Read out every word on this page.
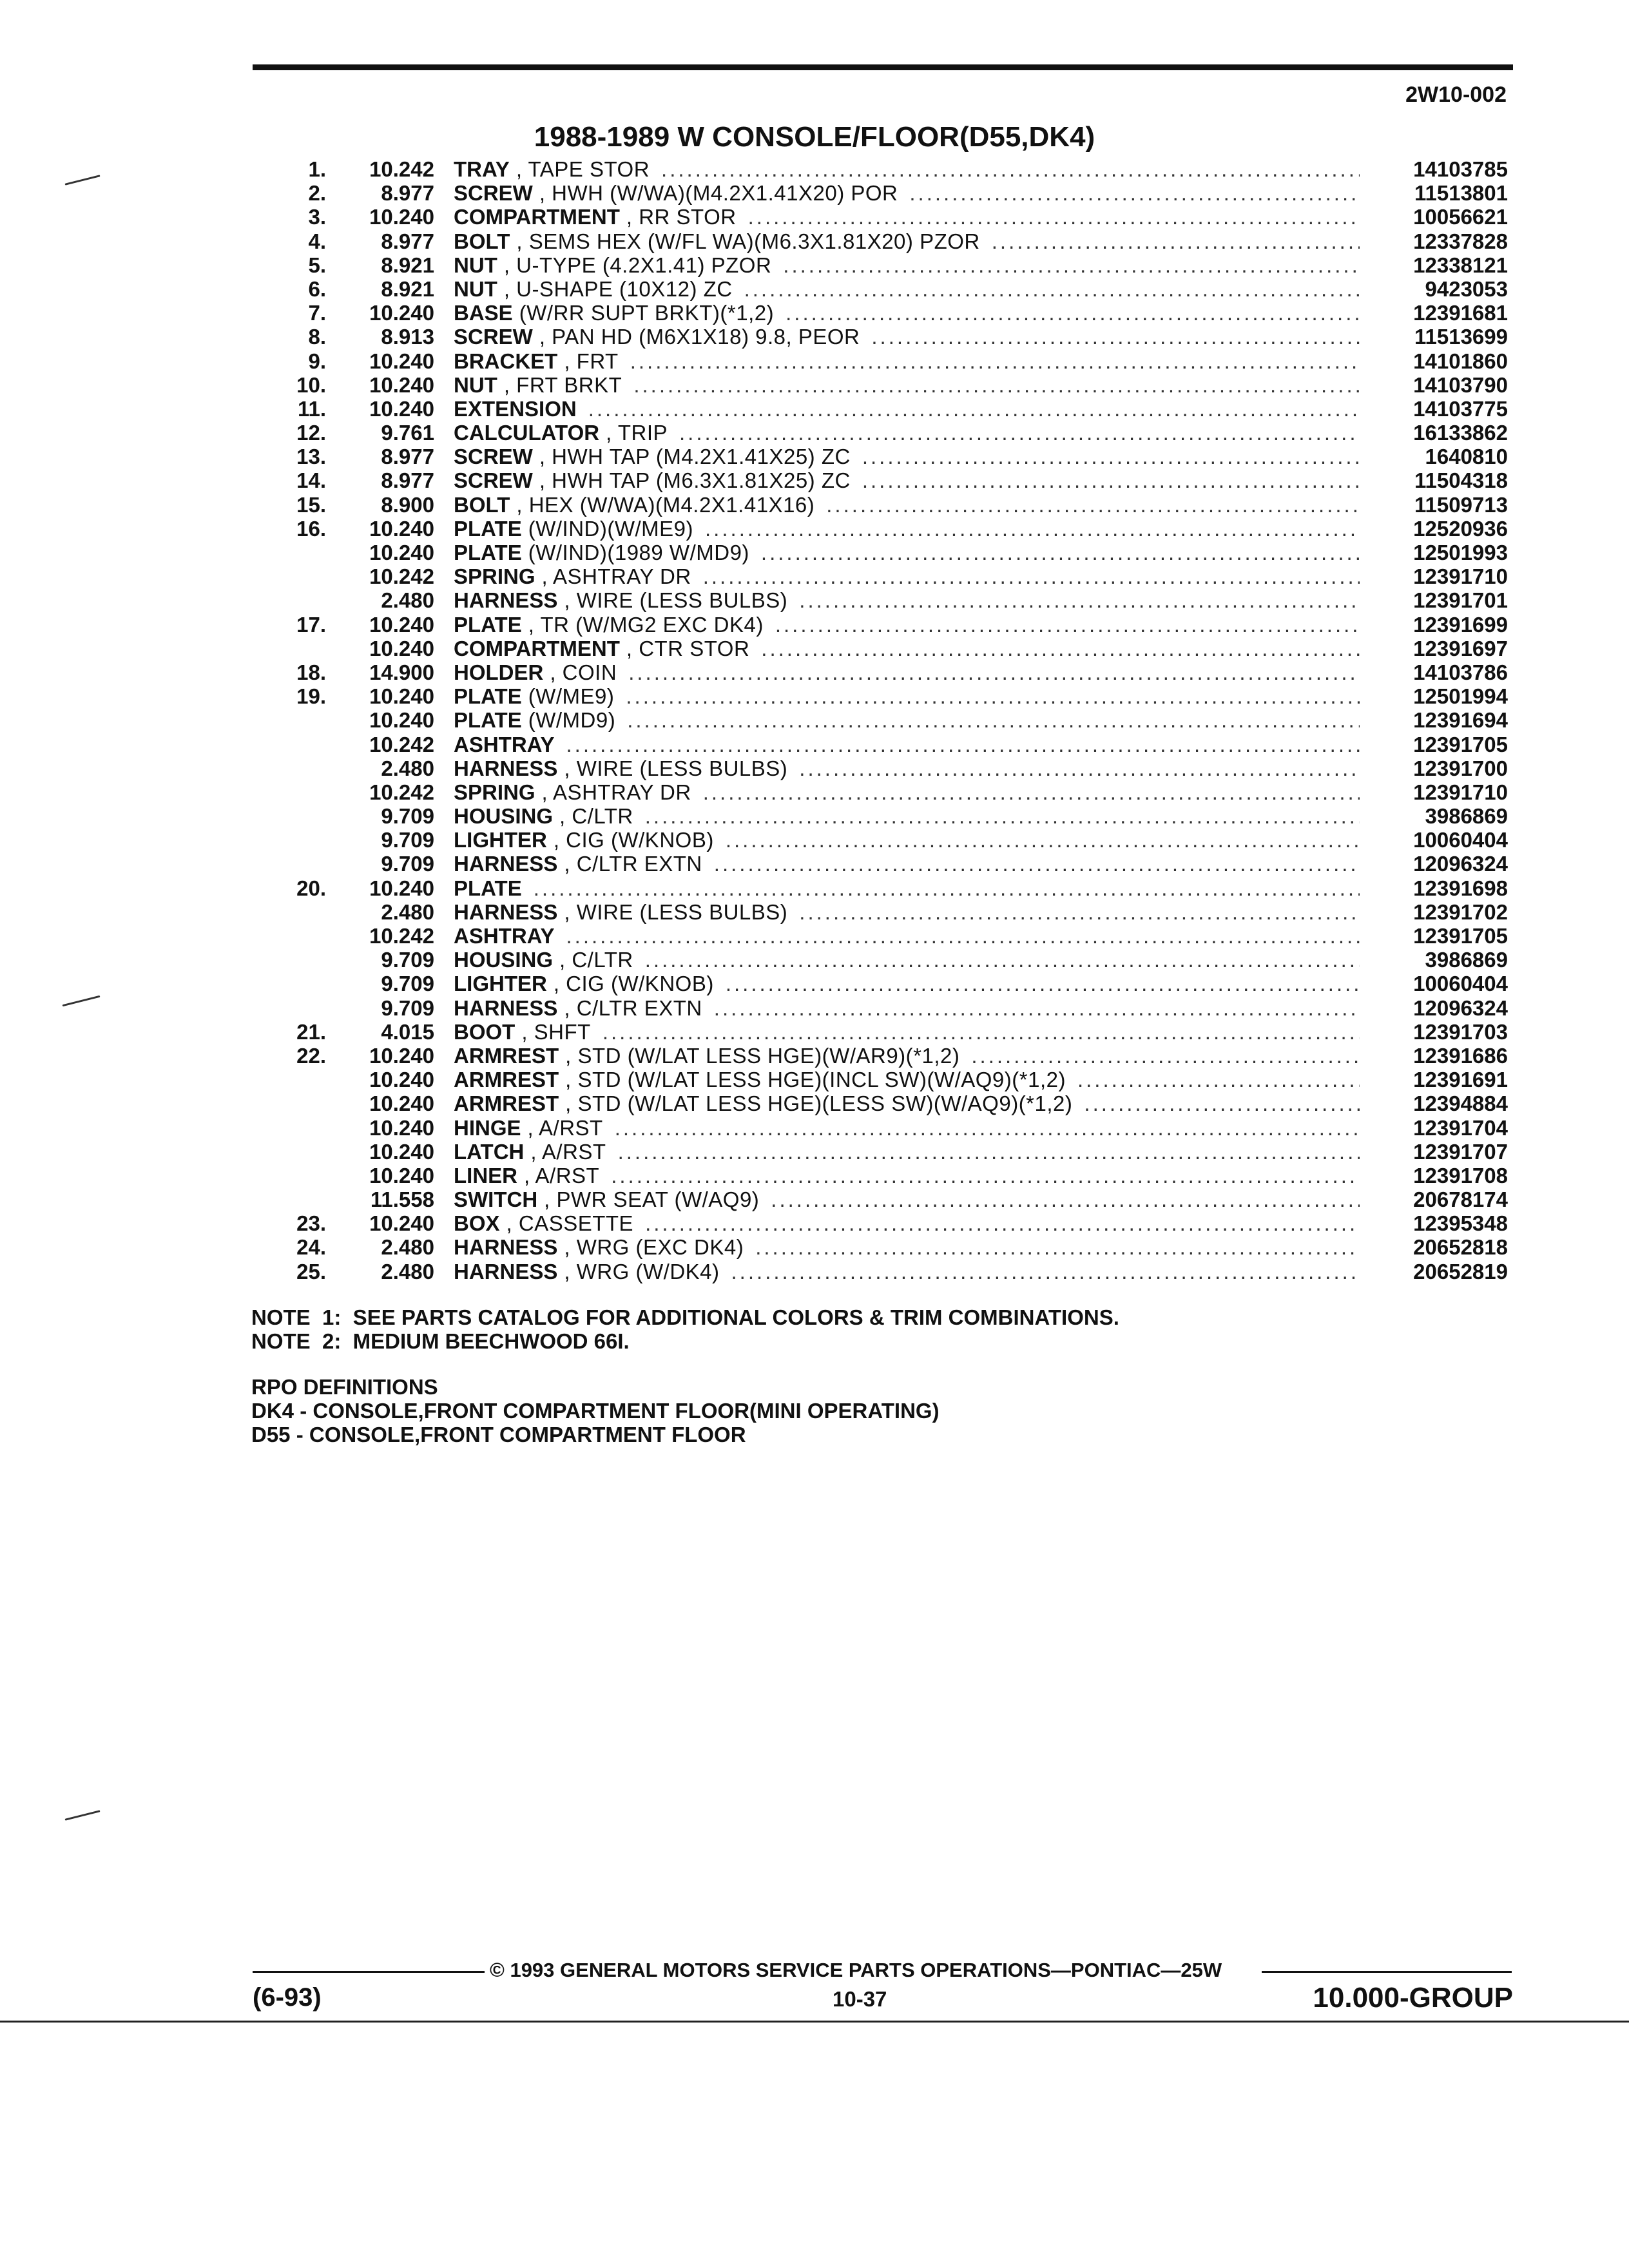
2W10-002
1988-1989 W CONSOLE/FLOOR(D55,DK4)
1.	10.242 TRAY , TAPE STOR .....	14103785
2.	8.977 SCREW , HWH (W/WA)(M4.2X1.41X20) POR .....	11513801
3.	10.240 COMPARTMENT , RR STOR .....	10056621
4.	8.977 BOLT , SEMS HEX (W/FL WA)(M6.3X1.81X20) PZOR .....	12337828
5.	8.921 NUT , U-TYPE (4.2X1.41) PZOR .....	12338121
6.	8.921 NUT , U-SHAPE (10X12) ZC .....	9423053
7.	10.240 BASE (W/RR SUPT BRKT)(*1,2) .....	12391681
8.	8.913 SCREW , PAN HD (M6X1X18) 9.8, PEOR .....	11513699
9.	10.240 BRACKET , FRT .....	14101860
10.	10.240 NUT , FRT BRKT .....	14103790
11.	10.240 EXTENSION .....	14103775
12.	9.761 CALCULATOR , TRIP .....	16133862
13.	8.977 SCREW , HWH TAP (M4.2X1.41X25) ZC .....	1640810
14.	8.977 SCREW , HWH TAP (M6.3X1.81X25) ZC .....	11504318
15.	8.900 BOLT , HEX (W/WA)(M4.2X1.41X16) .....	11509713
16.	10.240 PLATE (W/IND)(W/ME9) .....	12520936
10.240 PLATE (W/IND)(1989 W/MD9) .....	12501993
10.242 SPRING , ASHTRAY DR .....	12391710
2.480 HARNESS , WIRE (LESS BULBS) .....	12391701
17.	10.240 PLATE , TR (W/MG2 EXC DK4) .....	12391699
10.240 COMPARTMENT , CTR STOR .....	12391697
18.	14.900 HOLDER , COIN .....	14103786
19.	10.240 PLATE (W/ME9) .....	12501994
10.240 PLATE (W/MD9) .....	12391694
10.242 ASHTRAY .....	12391705
2.480 HARNESS , WIRE (LESS BULBS) .....	12391700
10.242 SPRING , ASHTRAY DR .....	12391710
9.709 HOUSING , C/LTR .....	3986869
9.709 LIGHTER , CIG (W/KNOB) .....	10060404
9.709 HARNESS , C/LTR EXTN .....	12096324
20.	10.240 PLATE .....	12391698
2.480 HARNESS , WIRE (LESS BULBS) .....	12391702
10.242 ASHTRAY .....	12391705
9.709 HOUSING , C/LTR .....	3986869
9.709 LIGHTER , CIG (W/KNOB) .....	10060404
9.709 HARNESS , C/LTR EXTN .....	12096324
21.	4.015 BOOT , SHFT .....	12391703
22.	10.240 ARMREST , STD (W/LAT LESS HGE)(W/AR9)(*1,2) .....	12391686
10.240 ARMREST , STD (W/LAT LESS HGE)(INCL SW)(W/AQ9)(*1,2) .....	12391691
10.240 ARMREST , STD (W/LAT LESS HGE)(LESS SW)(W/AQ9)(*1,2) .....	12394884
10.240 HINGE , A/RST .....	12391704
10.240 LATCH , A/RST .....	12391707
10.240 LINER , A/RST .....	12391708
11.558 SWITCH , PWR SEAT (W/AQ9) .....	20678174
23.	10.240 BOX , CASSETTE .....	12395348
24.	2.480 HARNESS , WRG (EXC DK4) .....	20652818
25.	2.480 HARNESS , WRG (W/DK4) .....	20652819
NOTE  1:  SEE PARTS CATALOG FOR ADDITIONAL COLORS & TRIM COMBINATIONS.
NOTE  2:  MEDIUM BEECHWOOD 66I.
RPO DEFINITIONS
DK4 - CONSOLE,FRONT COMPARTMENT FLOOR(MINI OPERATING)
D55 - CONSOLE,FRONT COMPARTMENT FLOOR
© 1993 GENERAL MOTORS SERVICE PARTS OPERATIONS—PONTIAC—25W
(6-93)	10-37	10.000-GROUP
